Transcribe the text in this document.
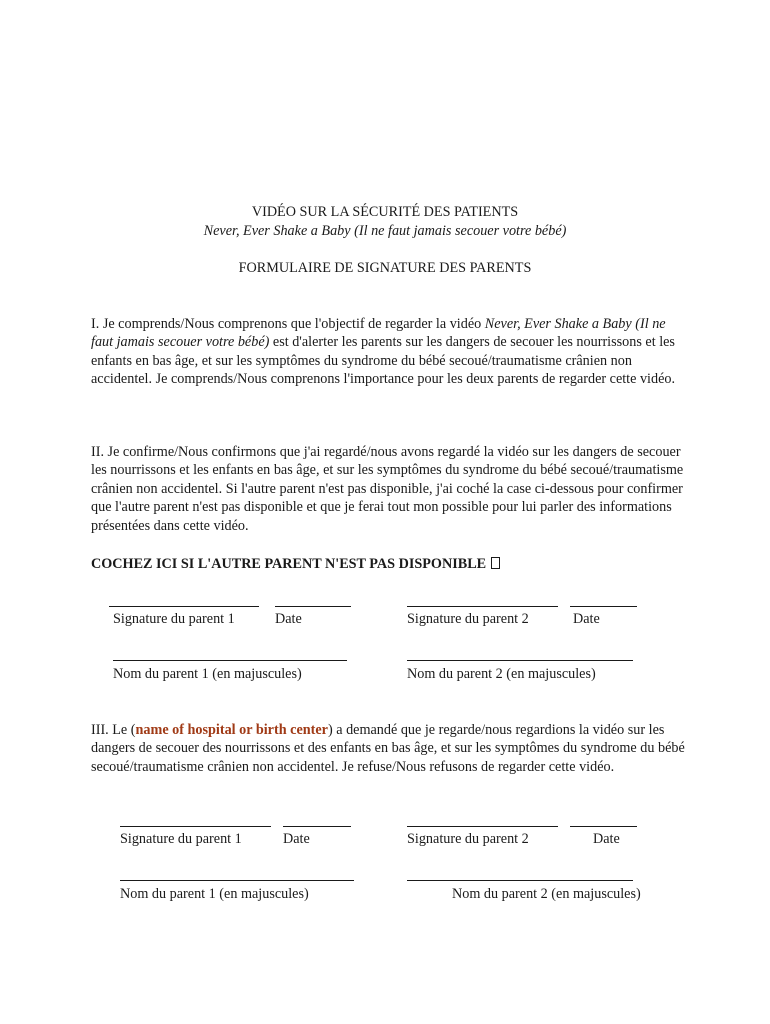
VIDÉO SUR LA SÉCURITÉ DES PATIENTS
Never, Ever Shake a Baby (Il ne faut jamais secouer votre bébé)
FORMULAIRE DE SIGNATURE DES PARENTS
I. Je comprends/Nous comprenons que l'objectif de regarder la vidéo Never, Ever Shake a Baby (Il ne faut jamais secouer votre bébé) est d'alerter les parents sur les dangers de secouer les nourrissons et les enfants en bas âge, et sur les symptômes du syndrome du bébé secoué/traumatisme crânien non accidentel. Je comprends/Nous comprenons l'importance pour les deux parents de regarder cette vidéo.
II. Je confirme/Nous confirmons que j'ai regardé/nous avons regardé la vidéo sur les dangers de secouer les nourrissons et les enfants en bas âge, et sur les symptômes du syndrome du bébé secoué/traumatisme crânien non accidentel. Si l'autre parent n'est pas disponible, j'ai coché la case ci-dessous pour confirmer que l'autre parent n'est pas disponible et que je ferai tout mon possible pour lui parler des informations présentées dans cette vidéo.
COCHEZ ICI SI L'AUTRE PARENT N'EST PAS DISPONIBLE
Signature du parent 1	Date	Signature du parent 2	Date
Nom du parent 1 (en majuscules)	Nom du parent 2 (en majuscules)
III. Le (name of hospital or birth center) a demandé que je regarde/nous regardions la vidéo sur les dangers de secouer des nourrissons et des enfants en bas âge, et sur les symptômes du syndrome du bébé secoué/traumatisme crânien non accidentel. Je refuse/Nous refusons de regarder cette vidéo.
Signature du parent 1	Date	Signature du parent 2	Date
Nom du parent 1 (en majuscules)	Nom du parent 2 (en majuscules)
